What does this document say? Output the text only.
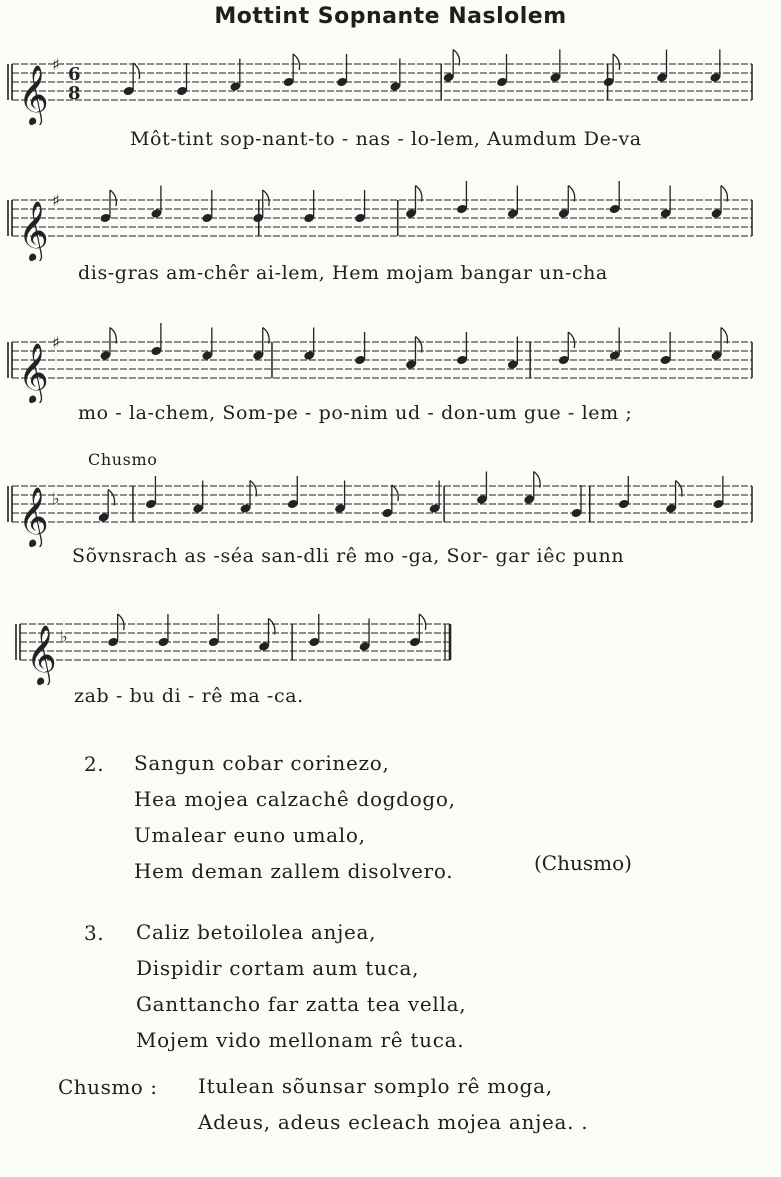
Mottint Sopnante Naslolem
𝄞
♯ 6
8
Môt-tint sop-nant-to - nas - lo-lem, Aumdum De-va
𝄞
♯
dis-gras am-chêr ai-lem, Hem mojam bangar un-cha
𝄞
♯
mo - la-chem, Som-pe - po-nim ud - don-um gue - lem ;
Chusmo
𝄞 ♭
Sõvnsrach as -séa san-dli rê mo -ga, Sor- gar iêc punn
𝄞 ♭
zab - bu di - rê ma -ca.
2. Sangun cobar corinezo,
Hea mojea calzachê dogdogo,
Umalear euno umalo,
Hem deman zallem disolvero.	(Chusmo)
3. Caliz betoilolea anjea,
Dispidir cortam aum tuca,
Ganttancho far zatta tea vella,
Mojem vido mellonam rê tuca.
Chusmo : Itulean sõunsar somplo rê moga,
Adeus, adeus ecleach mojea anjea. .
